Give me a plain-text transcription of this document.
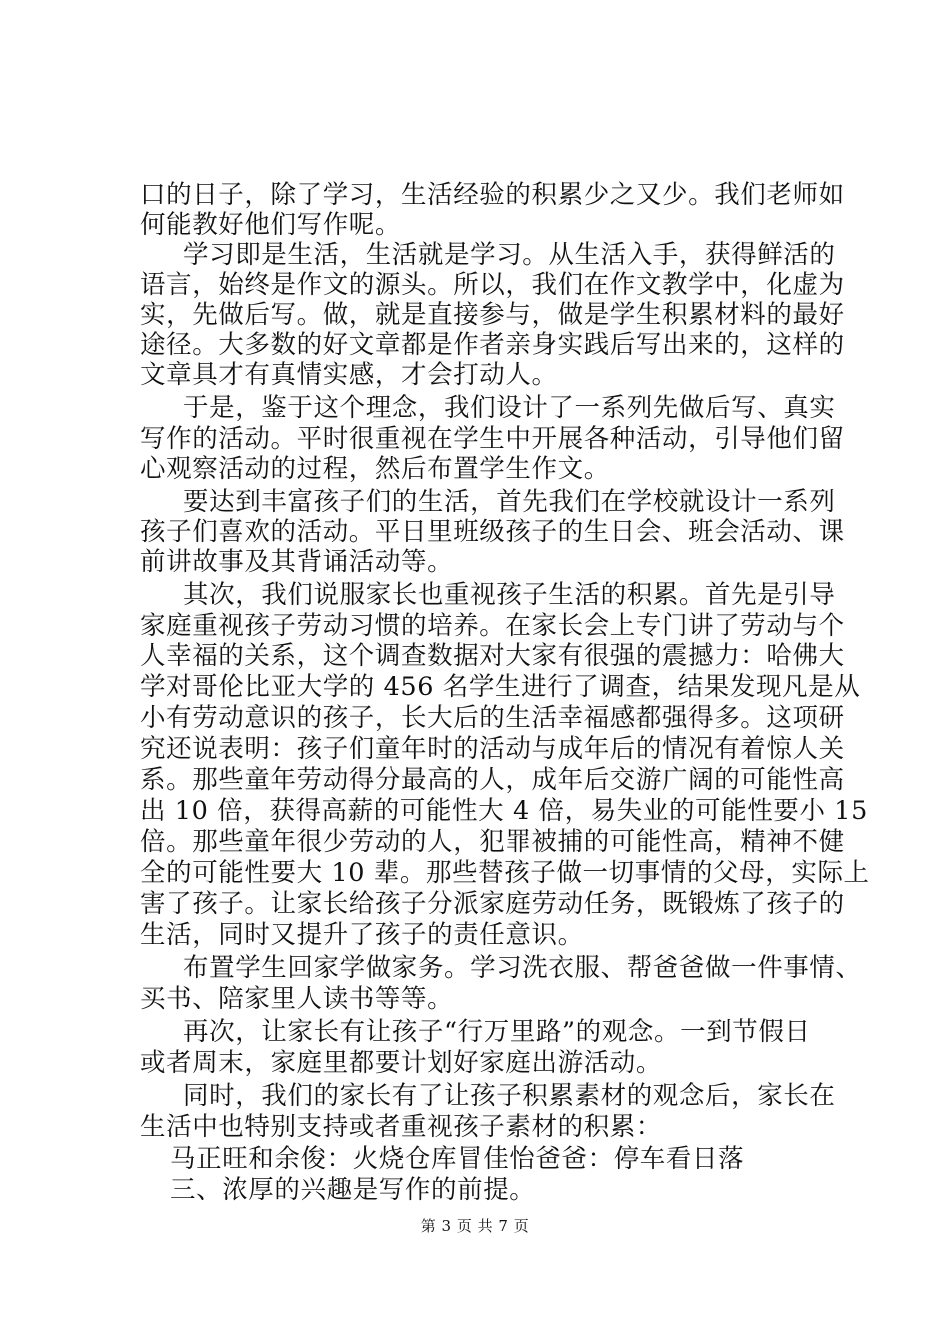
口的日子，除了学习，生活经验的积累少之又少。我们老师如
何能教好他们写作呢。
学习即是生活，生活就是学习。从生活入手，获得鲜活的
语言，始终是作文的源头。所以，我们在作文教学中，化虚为
实，先做后写。做，就是直接参与，做是学生积累材料的最好
途径。大多数的好文章都是作者亲身实践后写出来的，这样的
文章具才有真情实感，才会打动人。
于是，鉴于这个理念，我们设计了一系列先做后写、真实
写作的活动。平时很重视在学生中开展各种活动，引导他们留
心观察活动的过程，然后布置学生作文。
要达到丰富孩子们的生活，首先我们在学校就设计一系列
孩子们喜欢的活动。平日里班级孩子的生日会、班会活动、课
前讲故事及其背诵活动等。
其次，我们说服家长也重视孩子生活的积累。首先是引导
家庭重视孩子劳动习惯的培养。在家长会上专门讲了劳动与个
人幸福的关系，这个调查数据对大家有很强的震撼力：哈佛大
学对哥伦比亚大学的 456 名学生进行了调查，结果发现凡是从
小有劳动意识的孩子，长大后的生活幸福感都强得多。这项研
究还说表明：孩子们童年时的活动与成年后的情况有着惊人关
系。那些童年劳动得分最高的人，成年后交游广阔的可能性高
出 10 倍，获得高薪的可能性大 4 倍，易失业的可能性要小 15
倍。那些童年很少劳动的人，犯罪被捕的可能性高，精神不健
全的可能性要大 10 辈。那些替孩子做一切事情的父母，实际上
害了孩子。让家长给孩子分派家庭劳动任务，既锻炼了孩子的
生活，同时又提升了孩子的责任意识。
布置学生回家学做家务。学习洗衣服、帮爸爸做一件事情、
买书、陪家里人读书等等。
再次，让家长有让孩子“行万里路”的观念。一到节假日
或者周末，家庭里都要计划好家庭出游活动。
同时，我们的家长有了让孩子积累素材的观念后，家长在
生活中也特别支持或者重视孩子素材的积累：
马正旺和余俊：火烧仓库冒佳怡爸爸：停车看日落
三、浓厚的兴趣是写作的前提。
第 3 页 共 7 页
